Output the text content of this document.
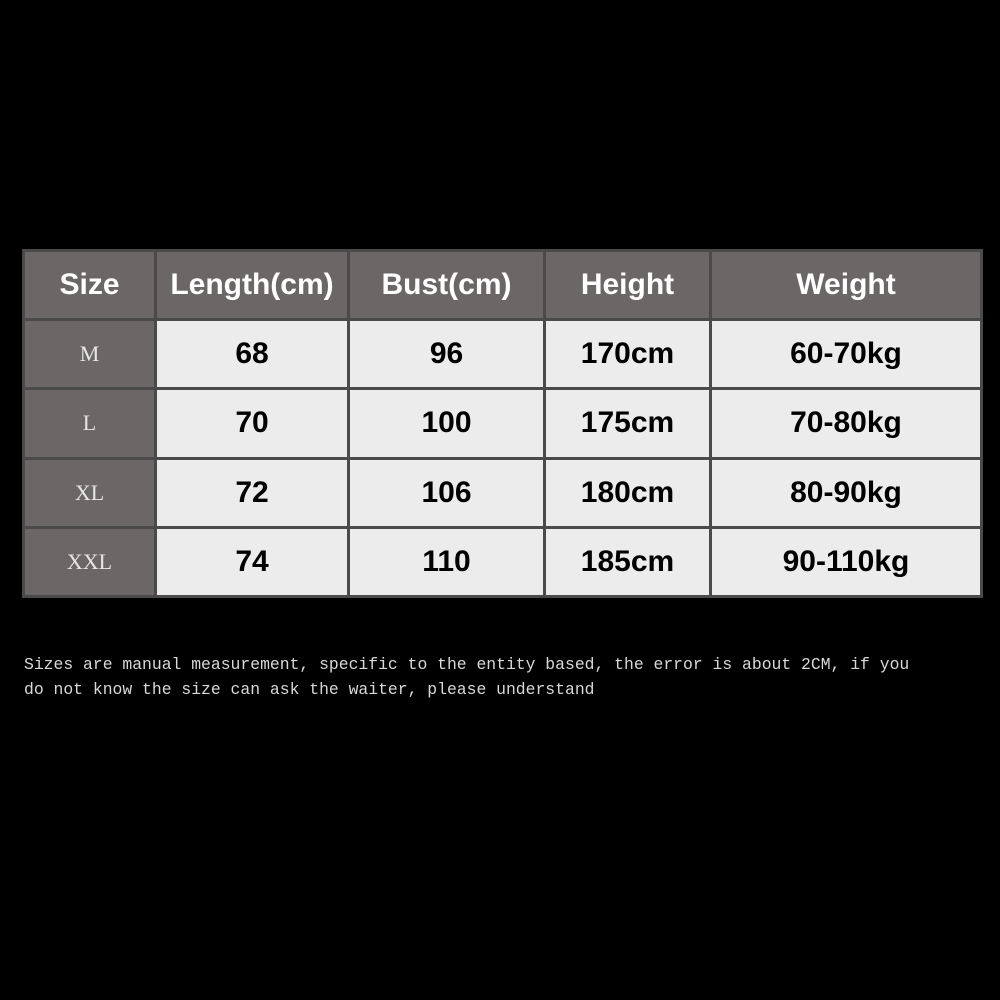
Size	Length(cm)	Bust(cm)	Height	Weight
M	68	96	170cm	60-70kg
L	70	100	175cm	70-80kg
XL	72	106	180cm	80-90kg
XXL	74	110	185cm	90-110kg

Sizes are manual measurement, specific to the entity based, the error is about 2CM, if you
do not know the size can ask the waiter, please understand
